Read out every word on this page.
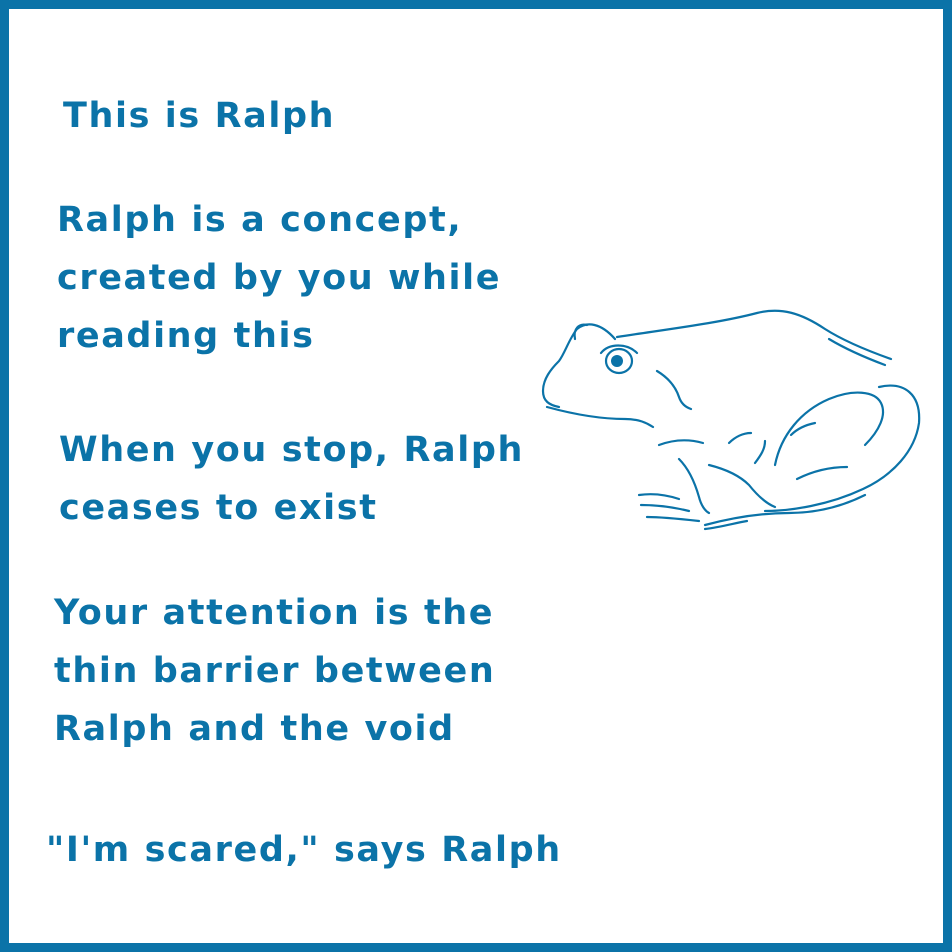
This is Ralph

Ralph is a concept,

created by you while

reading this

When you stop, Ralph

ceases to exist

Your attention is the

thin barrier between

Ralph and the void

"I'm scared," says Ralph
